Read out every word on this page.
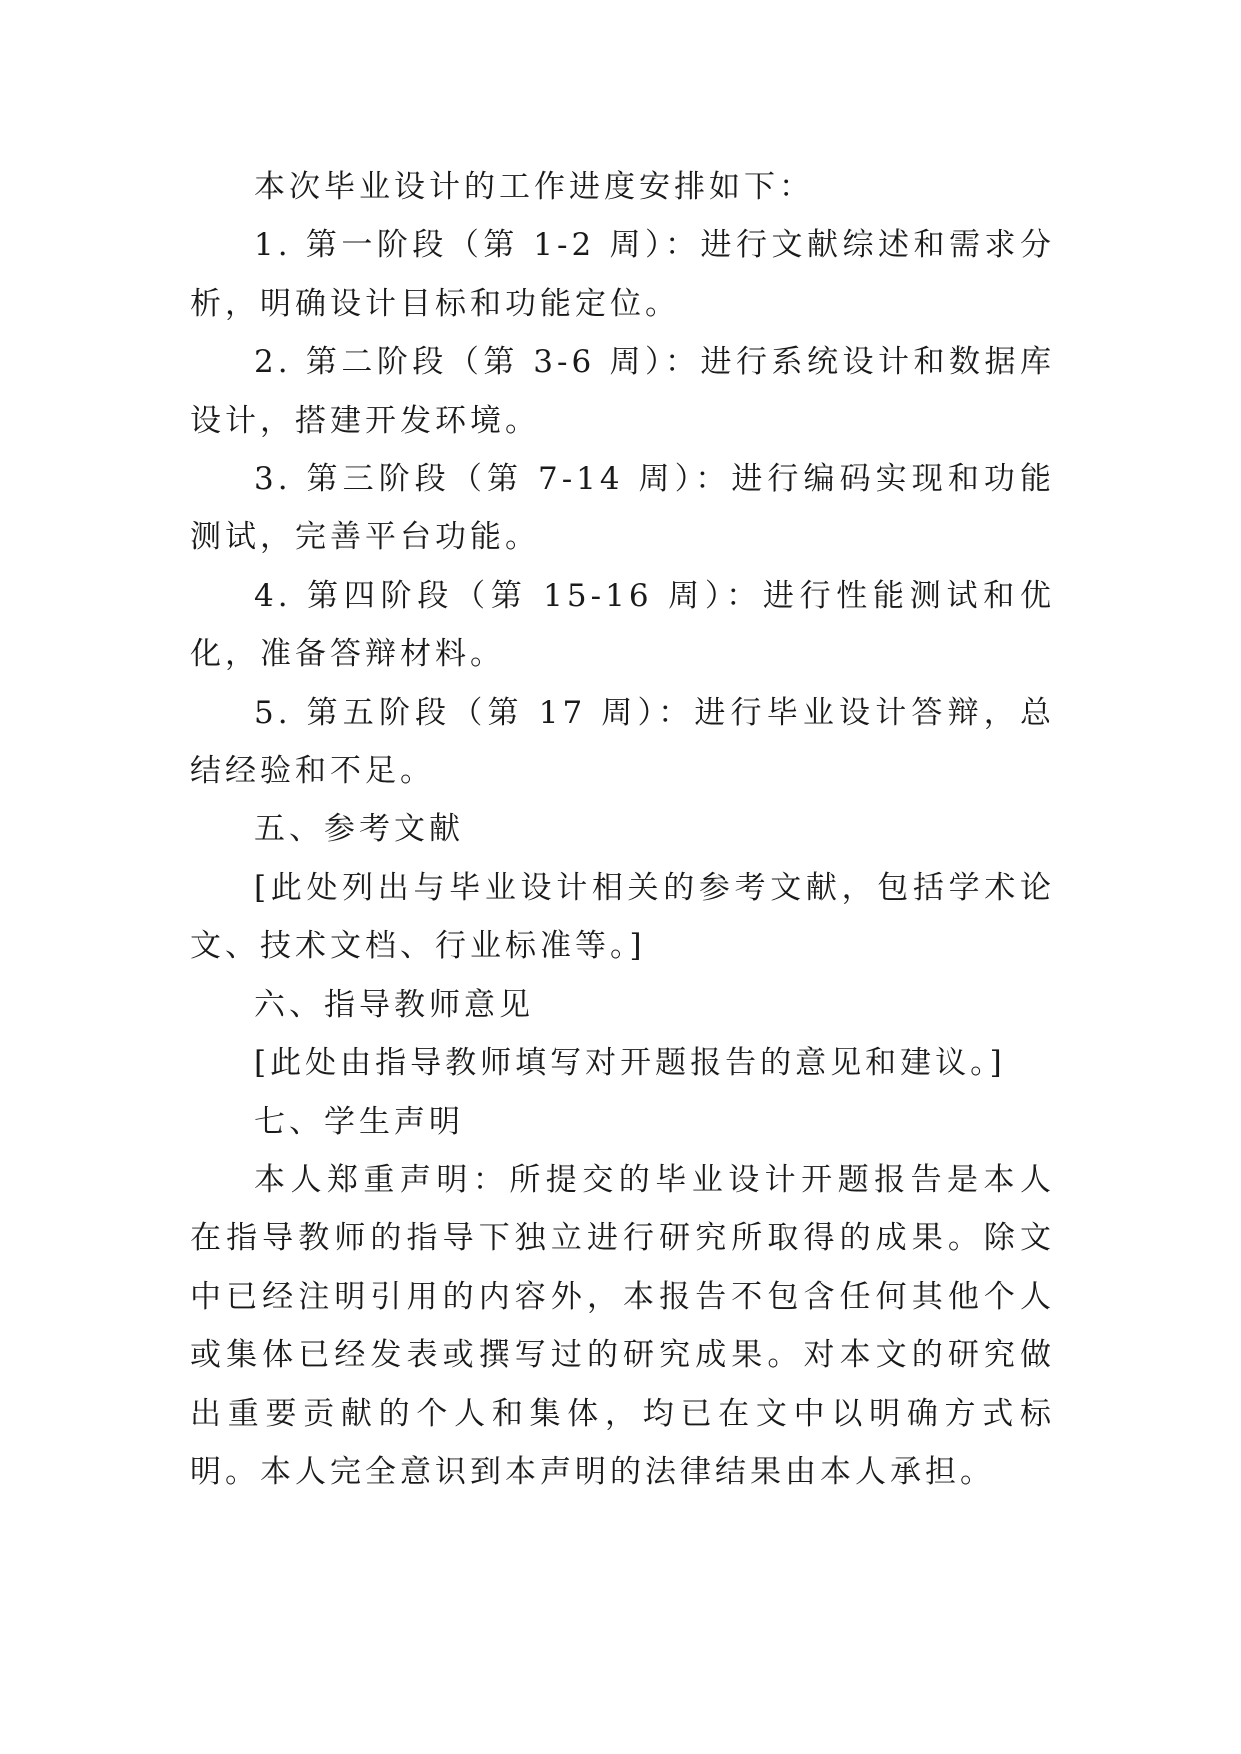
本次毕业设计的工作进度安排如下：

1. 第一阶段（第 1-2 周）：进行文献综述和需求分析，明确设计目标和功能定位。

2. 第二阶段（第 3-6 周）：进行系统设计和数据库设计，搭建开发环境。

3. 第三阶段（第 7-14 周）：进行编码实现和功能测试，完善平台功能。

4. 第四阶段（第 15-16 周）：进行性能测试和优化，准备答辩材料。

5. 第五阶段（第 17 周）：进行毕业设计答辩，总结经验和不足。

五、参考文献

[此处列出与毕业设计相关的参考文献，包括学术论文、技术文档、行业标准等。]

六、指导教师意见

[此处由指导教师填写对开题报告的意见和建议。]

七、学生声明

本人郑重声明：所提交的毕业设计开题报告是本人在指导教师的指导下独立进行研究所取得的成果。除文中已经注明引用的内容外，本报告不包含任何其他个人或集体已经发表或撰写过的研究成果。对本文的研究做出重要贡献的个人和集体，均已在文中以明确方式标明。本人完全意识到本声明的法律结果由本人承担。
